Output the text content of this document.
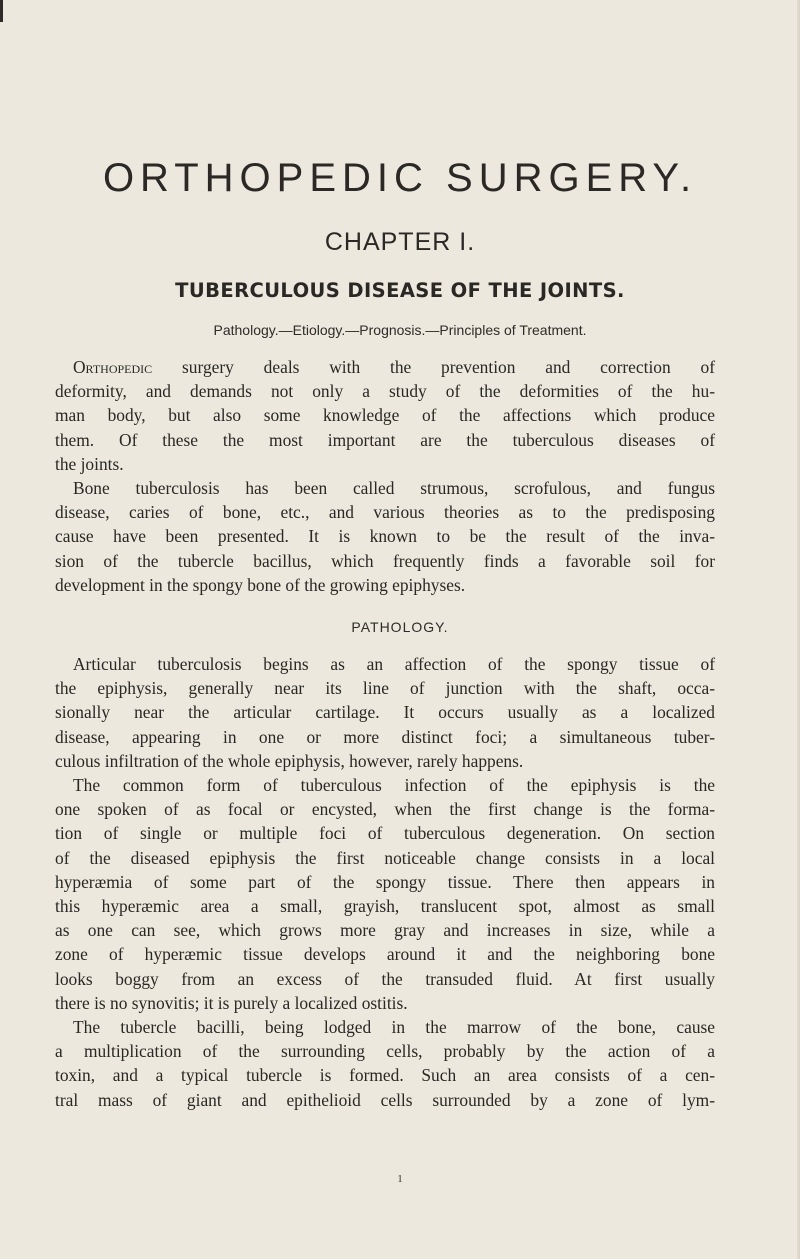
ORTHOPEDIC SURGERY.
CHAPTER I.
TUBERCULOUS DISEASE OF THE JOINTS.
Pathology.—Etiology.—Prognosis.—Principles of Treatment.
Orthopedic surgery deals with the prevention and correction of
deformity, and demands not only a study of the deformities of the hu-
man body, but also some knowledge of the affections which produce
them. Of these the most important are the tuberculous diseases of
the joints.
Bone tuberculosis has been called strumous, scrofulous, and fungus
disease, caries of bone, etc., and various theories as to the predisposing
cause have been presented. It is known to be the result of the inva-
sion of the tubercle bacillus, which frequently finds a favorable soil for
development in the spongy bone of the growing epiphyses.
PATHOLOGY.
Articular tuberculosis begins as an affection of the spongy tissue of
the epiphysis, generally near its line of junction with the shaft, occa-
sionally near the articular cartilage. It occurs usually as a localized
disease, appearing in one or more distinct foci; a simultaneous tuber-
culous infiltration of the whole epiphysis, however, rarely happens.
The common form of tuberculous infection of the epiphysis is the
one spoken of as focal or encysted, when the first change is the forma-
tion of single or multiple foci of tuberculous degeneration. On section
of the diseased epiphysis the first noticeable change consists in a local
hyperæmia of some part of the spongy tissue. There then appears in
this hyperæmic area a small, grayish, translucent spot, almost as small
as one can see, which grows more gray and increases in size, while a
zone of hyperæmic tissue develops around it and the neighboring bone
looks boggy from an excess of the transuded fluid. At first usually
there is no synovitis; it is purely a localized ostitis.
The tubercle bacilli, being lodged in the marrow of the bone, cause
a multiplication of the surrounding cells, probably by the action of a
toxin, and a typical tubercle is formed. Such an area consists of a cen-
tral mass of giant and epithelioid cells surrounded by a zone of lym-
1
